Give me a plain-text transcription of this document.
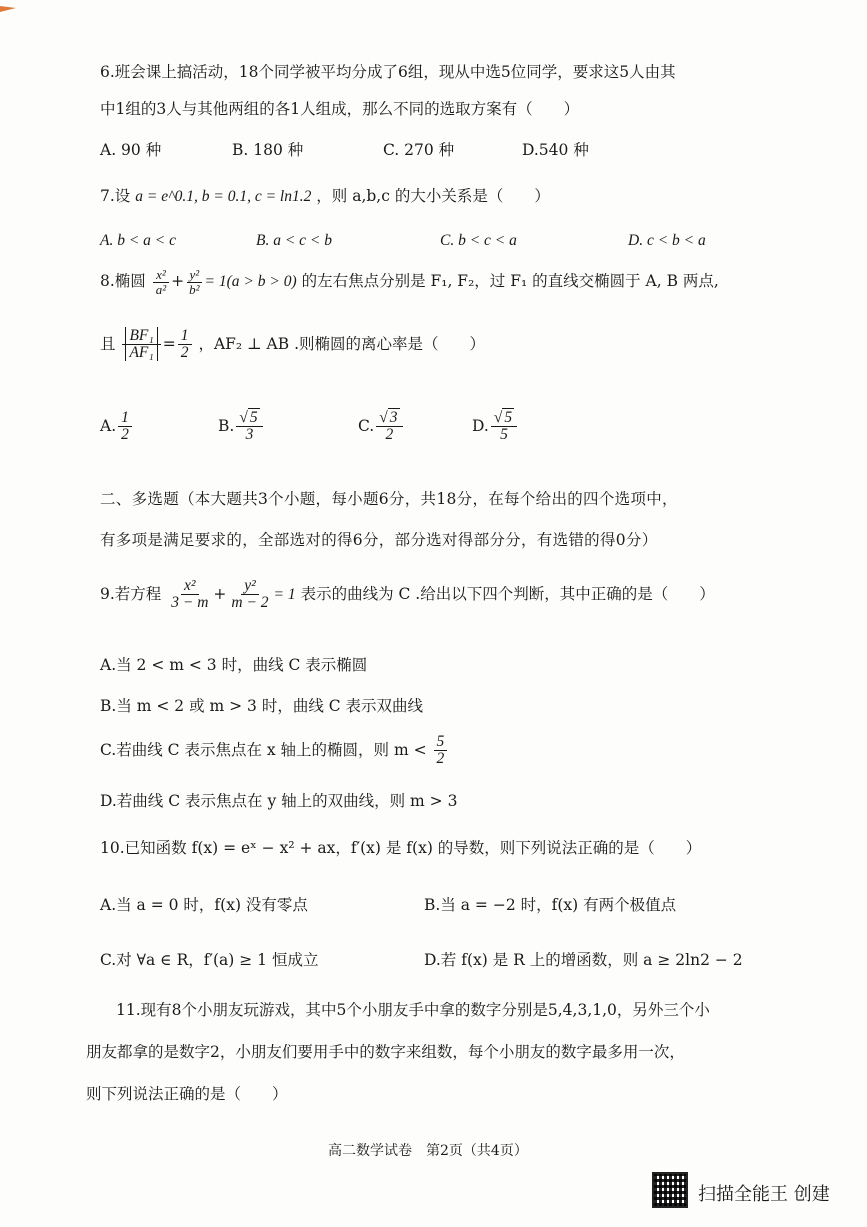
6.班会课上搞活动，18个同学被平均分成了6组，现从中选5位同学，要求这5人由其
中1组的3人与其他两组的各1人组成，那么不同的选取方案有（　　）
A. 90 种	B. 180 种	C. 270 种	D.540 种
7.设 a = e^0.1, b = 0.1, c = ln1.2 ，则 a,b,c 的大小关系是（　　）
A. b < a < c	B. a < c < b	C. b < c < a	D. c < b < a
8.椭圆 $\frac{\text{x²}}{\text{a²}} + \frac{\text{y²}}{\text{b²}} = 1(a > b > 0)$ 的左右焦点分别是 F₁, F₂，过 F₁ 的直线交椭圆于 A, B 两点,
且 $\frac{\text{BF₁}}{\text{AF₁}} = \frac{1}{2}$ ，AF₂ ⊥ AB .则椭圆的离心率是（　　）
A. $\frac{1}{2}$	B. $\frac{√ 5}{3}$	C. $\frac{√ 3}{2}$	D. $\frac{√ 5}{5}$
二、多选题（本大题共3个小题，每小题6分，共18分，在每个给出的四个选项中，
有多项是满足要求的，全部选对的得6分，部分选对得部分分，有选错的得0分）
9.若方程 $\frac{\text{x²}}{3 - m} + \frac{\text{y²}}{m - 2} = 1$ 表示的曲线为 C .给出以下四个判断，其中正确的是（　　）
A.当 2 < m < 3 时，曲线 C 表示椭圆
B.当 m < 2 或 m > 3 时，曲线 C 表示双曲线
C.若曲线 C 表示焦点在 x 轴上的椭圆，则 $m < \frac{5}{2}$
D.若曲线 C 表示焦点在 y 轴上的双曲线，则 m > 3
10.已知函数 f(x) = eˣ − x² + ax，f′(x) 是 f(x) 的导数，则下列说法正确的是（　　）
A.当 a = 0 时，f(x) 没有零点	B.当 a = −2 时，f(x) 有两个极值点
C.对 ∀a ∈ R，f′(a) ≥ 1 恒成立	D.若 f(x) 是 R 上的增函数，则 a ≥ 2ln2 − 2
11.现有8个小朋友玩游戏，其中5个小朋友手中拿的数字分别是5,4,3,1,0，另外三个小
朋友都拿的是数字2，小朋友们要用手中的数字来组数，每个小朋友的数字最多用一次，
则下列说法正确的是（　　）
高二数学试卷　第2页（共4页）
扫描全能王 创建
